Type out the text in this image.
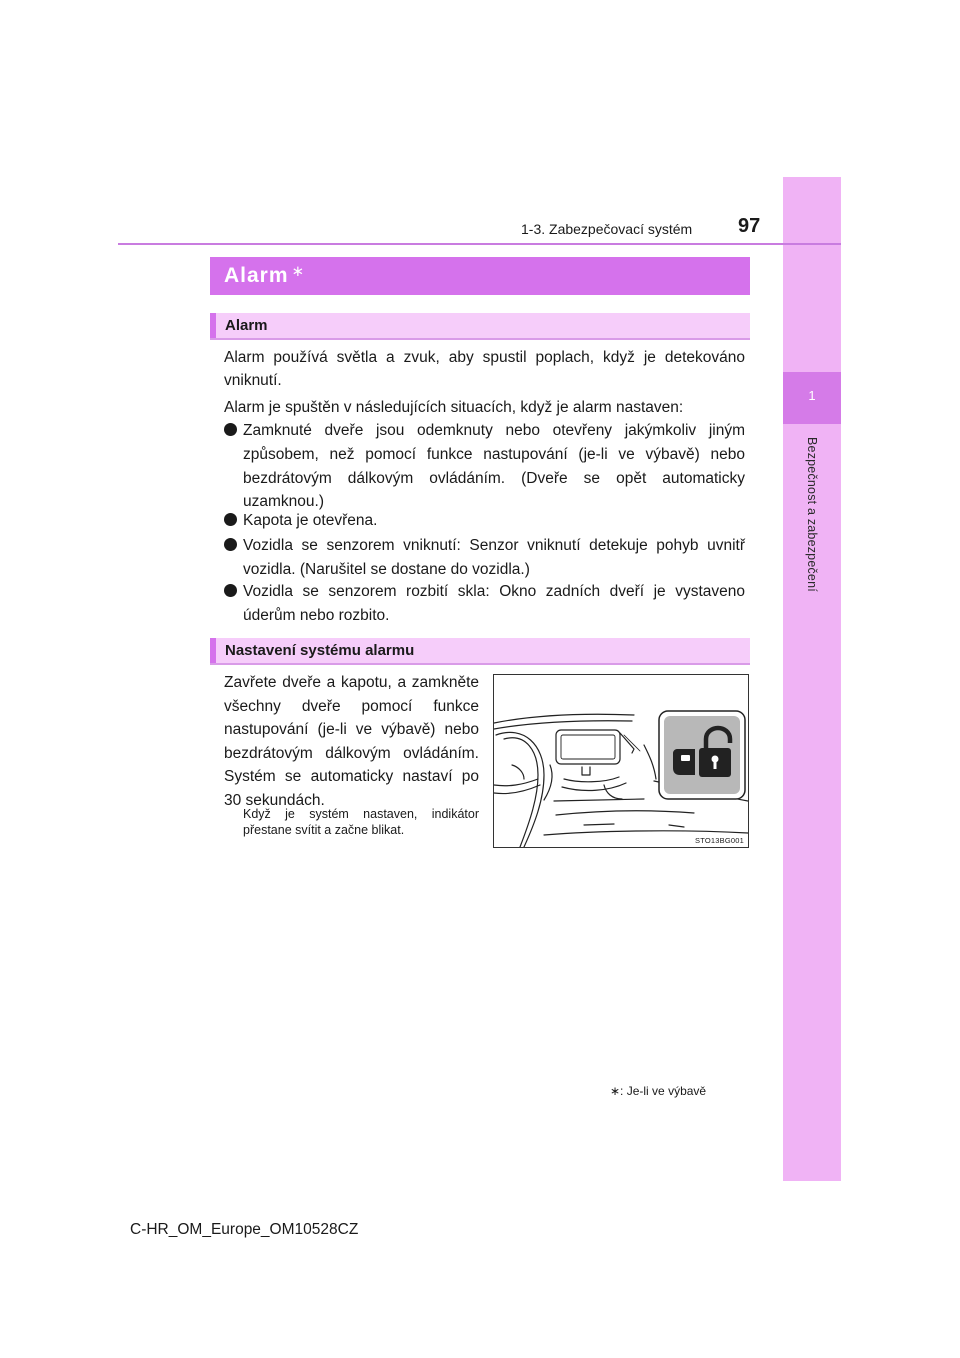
1
Bezpečnost a zabezpečení
1-3. Zabezpečovací systém 97
Alarm ∗
Alarm
Alarm používá světla a zvuk, aby spustil poplach, když je detekováno vniknutí.
Alarm je spuštěn v následujících situacích, když je alarm nastaven:
Zamknuté dveře jsou odemknuty nebo otevřeny jakýmkoliv jiným způsobem, než pomocí funkce nastupování (je-li ve výbavě) nebo bezdrátovým dálkovým ovládáním. (Dveře se opět automaticky uzamknou.)
Kapota je otevřena.
Vozidla se senzorem vniknutí: Senzor vniknutí detekuje pohyb uvnitř vozidla. (Narušitel se dostane do vozidla.)
Vozidla se senzorem rozbití skla: Okno zadních dveří je vystaveno úderům nebo rozbito.
Nastavení systému alarmu
Zavřete dveře a kapotu, a zamkněte všechny dveře pomocí funkce nastupování (je-li ve výbavě) nebo bezdrátovým dálkovým ovládáním. Systém se automaticky nastaví po 30 sekundách.
Když je systém nastaven, indikátor přestane svítit a začne blikat.
STO13BG001
∗: Je-li ve výbavě
C-HR_OM_Europe_OM10528CZ
